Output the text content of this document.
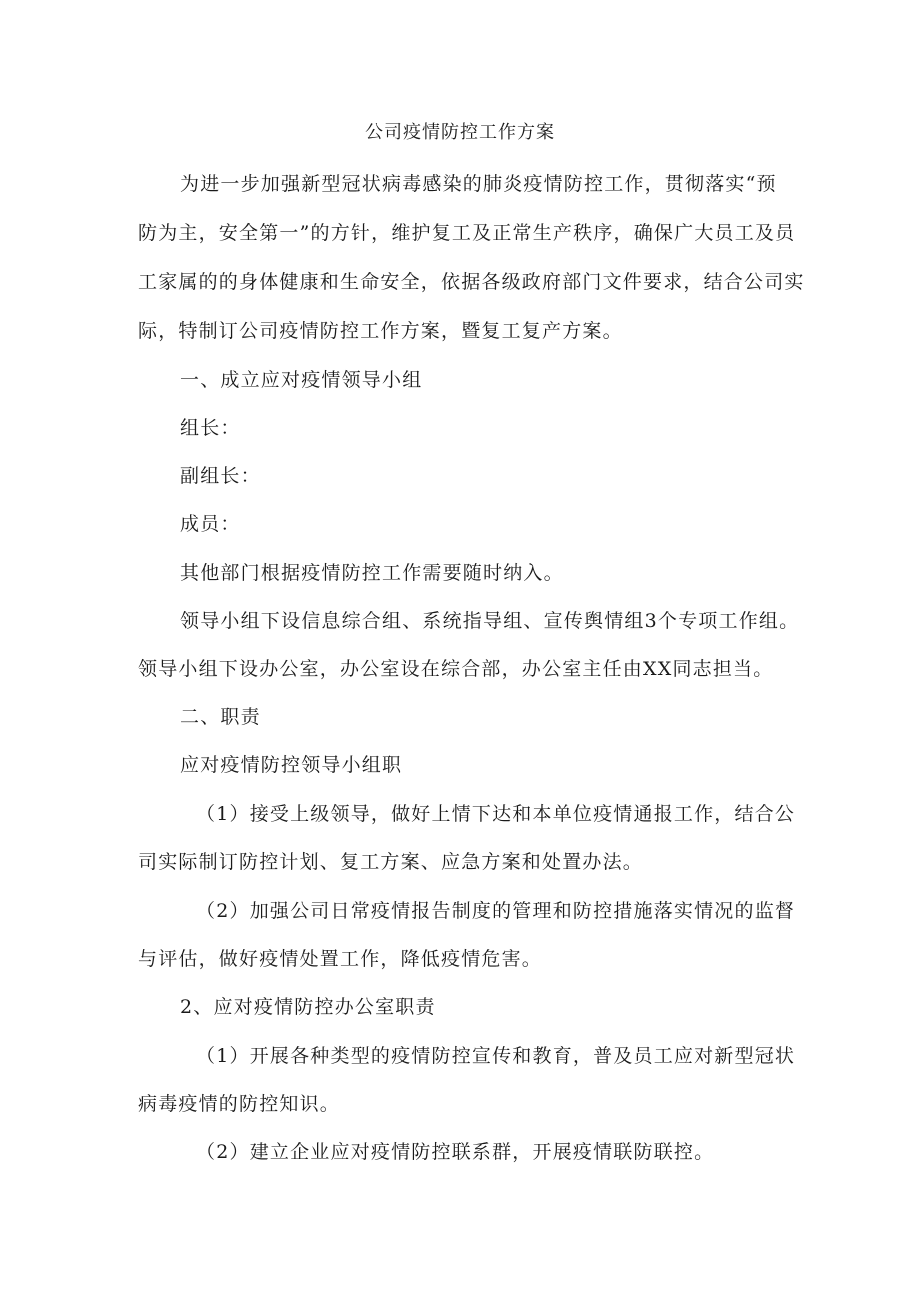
公司疫情防控工作方案
为进一步加强新型冠状病毒感染的肺炎疫情防控工作，贯彻落实“预
防为主，安全第一”的方针，维护复工及正常生产秩序，确保广大员工及员
工家属的的身体健康和生命安全，依据各级政府部门文件要求，结合公司实
际，特制订公司疫情防控工作方案，暨复工复产方案。
一、成立应对疫情领导小组
组长：
副组长：
成员：
其他部门根据疫情防控工作需要随时纳入。
领导小组下设信息综合组、系统指导组、宣传舆情组3个专项工作组。
领导小组下设办公室，办公室设在综合部，办公室主任由XX同志担当。
二、职责
应对疫情防控领导小组职
（1）接受上级领导，做好上情下达和本单位疫情通报工作，结合公
司实际制订防控计划、复工方案、应急方案和处置办法。
（2）加强公司日常疫情报告制度的管理和防控措施落实情况的监督
与评估，做好疫情处置工作，降低疫情危害。
2、应对疫情防控办公室职责
（1）开展各种类型的疫情防控宣传和教育，普及员工应对新型冠状
病毒疫情的防控知识。
（2）建立企业应对疫情防控联系群，开展疫情联防联控。
